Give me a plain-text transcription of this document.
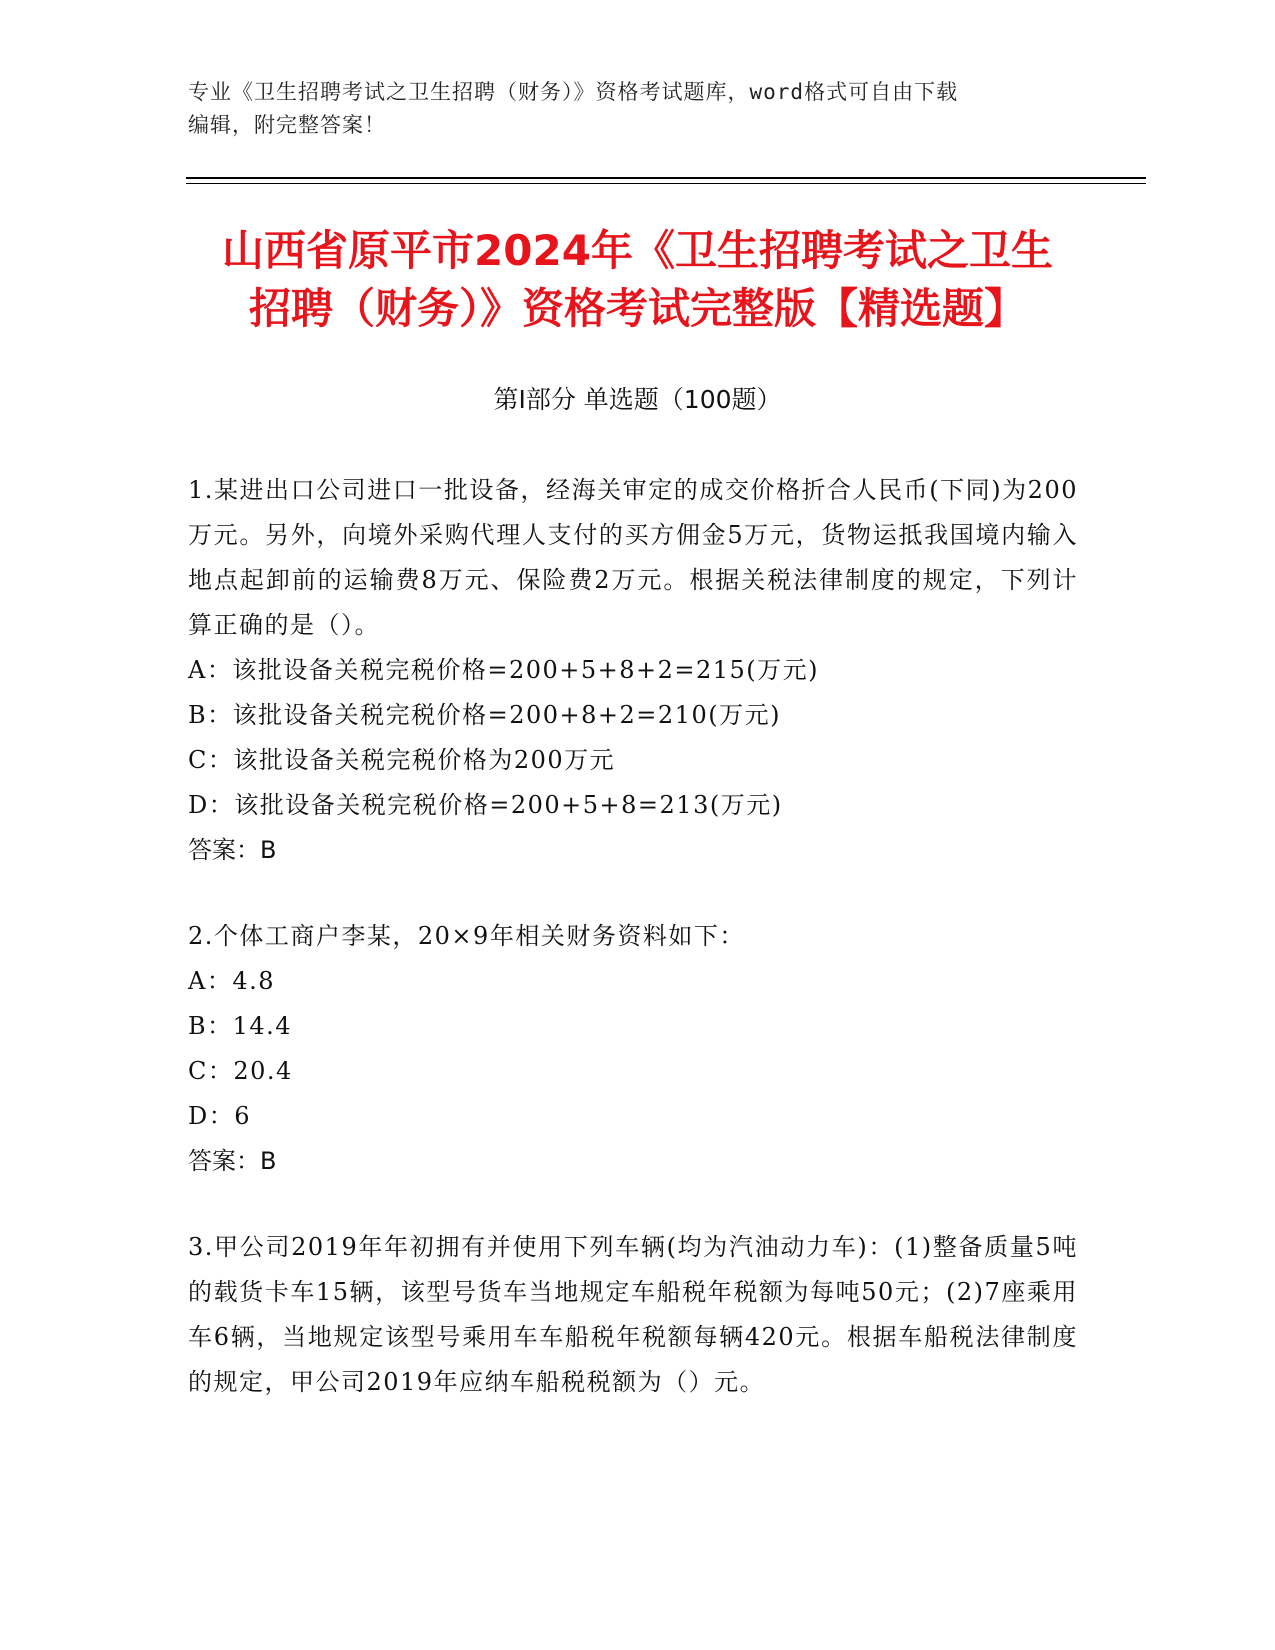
专业《卫生招聘考试之卫生招聘（财务）》资格考试题库，word格式可自由下载
编辑，附完整答案！
山西省原平市2024年《卫生招聘考试之卫生
招聘（财务）》资格考试完整版【精选题】
第Ⅰ部分 单选题（100题）
1.某进出口公司进口一批设备，经海关审定的成交价格折合人民币(下同)为200万元。另外，向境外采购代理人支付的买方佣金5万元，货物运抵我国境内输入地点起卸前的运输费8万元、保险费2万元。根据关税法律制度的规定，下列计算正确的是（）。
A：该批设备关税完税价格=200+5+8+2=215(万元)
B：该批设备关税完税价格=200+8+2=210(万元)
C：该批设备关税完税价格为200万元
D：该批设备关税完税价格=200+5+8=213(万元)
答案：B
2.个体工商户李某，20×9年相关财务资料如下：
A：4.8
B：14.4
C：20.4
D：6
答案：B
3.甲公司2019年年初拥有并使用下列车辆(均为汽油动力车)：(1)整备质量5吨的载货卡车15辆，该型号货车当地规定车船税年税额为每吨50元；(2)7座乘用车6辆，当地规定该型号乘用车车船税年税额每辆420元。根据车船税法律制度的规定，甲公司2019年应纳车船税税额为（）元。
